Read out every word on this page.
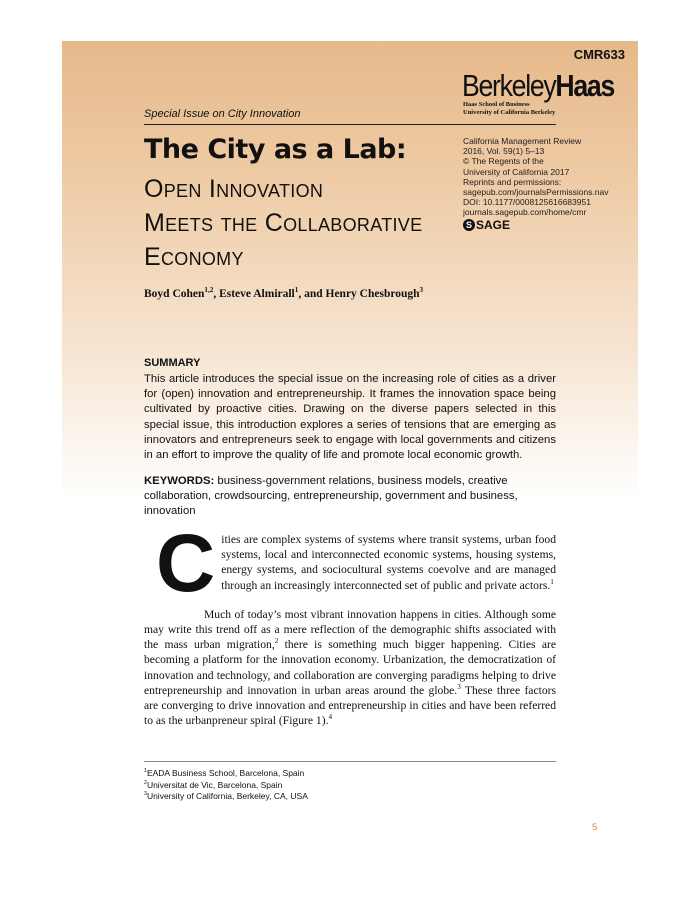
CMR633
BerkeleyHaas
Haas School of Business
University of California Berkeley
Special Issue on City Innovation
The City as a Lab:
Open Innovation
Meets the Collaborative
Economy
California Management Review
2016, Vol. 59(1) 5–13
© The Regents of the
University of California 2017
Reprints and permissions:
sagepub.com/journalsPermissions.nav
DOI: 10.1177/0008125616683951
journals.sagepub.com/home/cmr
S SAGE
Boyd Cohen$^{1,2}$, Esteve Almirall$^1$, and Henry Chesbrough$^3$
SUMMARY
This article introduces the special issue on the increasing role of cities as a driver for (open) innovation and entrepreneurship. It frames the innovation space being cultivated by proactive cities. Drawing on the diverse papers selected in this special issue, this introduction explores a series of tensions that are emerging as innovators and entrepreneurs seek to engage with local governments and citizens in an effort to improve the quality of life and promote local economic growth.
KEYWORDS: business-government relations, business models, creative collaboration, crowdsourcing, entrepreneurship, government and business, innovation

Cities are complex systems of systems where transit systems, urban food systems, local and interconnected economic systems, housing systems, energy systems, and sociocultural systems coevolve and are managed through an increasingly interconnected set of public and private actors.$^1$

Much of today’s most vibrant innovation happens in cities. Although some may write this trend off as a mere reflection of the demographic shifts associated with the mass urban migration,$^2$ there is something much bigger happening. Cities are becoming a platform for the innovation economy. Urbanization, the democratization of innovation and technology, and collaboration are converging paradigms helping to drive entrepreneurship and innovation in urban areas around the globe.$^3$ These three factors are converging to drive innovation and entrepreneurship in cities and have been referred to as the urbanpreneur spiral (Figure 1).$^4$

$^1$EADA Business School, Barcelona, Spain
$^2$Universitat de Vic, Barcelona, Spain
$^3$University of California, Berkeley, CA, USA
5
